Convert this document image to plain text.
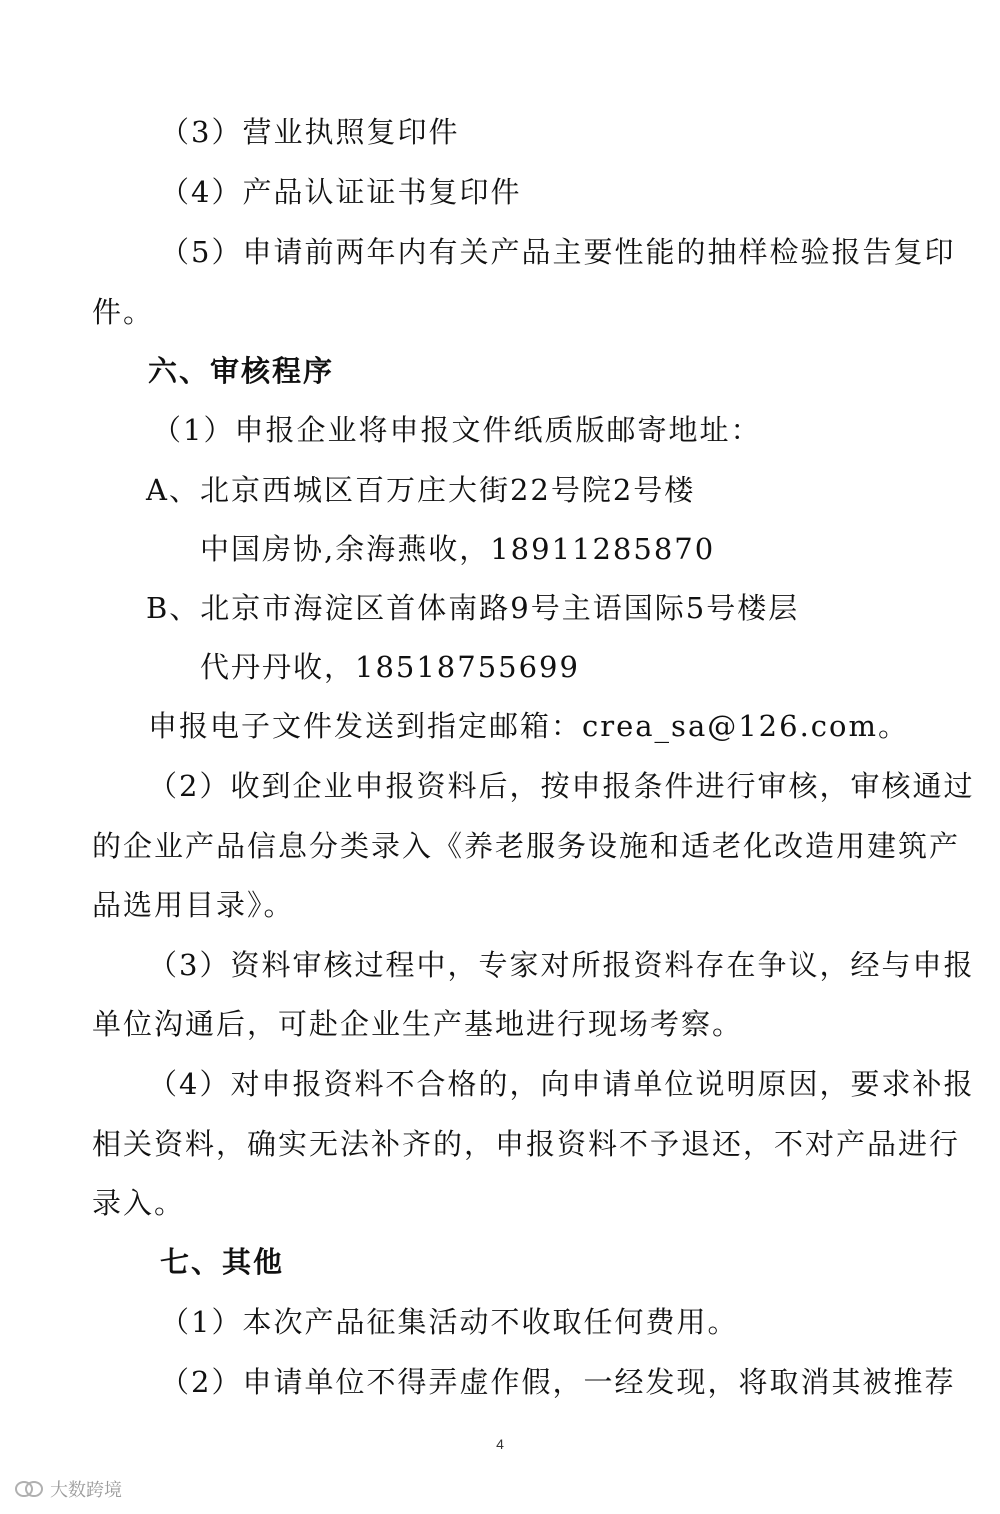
（3）营业执照复印件
（4）产品认证证书复印件
（5）申请前两年内有关产品主要性能的抽样检验报告复印
件。
六、审核程序
（1）申报企业将申报文件纸质版邮寄地址：
A、北京西城区百万庄大街22号院2号楼
中国房协,余海燕收，18911285870
B、北京市海淀区首体南路9号主语国际5号楼层
代丹丹收，18518755699
申报电子文件发送到指定邮箱：crea_sa@126.com。
（2）收到企业申报资料后，按申报条件进行审核，审核通过
的企业产品信息分类录入《养老服务设施和适老化改造用建筑产
品选用目录》。
（3）资料审核过程中，专家对所报资料存在争议，经与申报
单位沟通后，可赴企业生产基地进行现场考察。
（4）对申报资料不合格的，向申请单位说明原因，要求补报
相关资料，确实无法补齐的，申报资料不予退还，不对产品进行
录入。
七、其他
（1）本次产品征集活动不收取任何费用。
（2）申请单位不得弄虚作假，一经发现，将取消其被推荐
4
大数跨境
